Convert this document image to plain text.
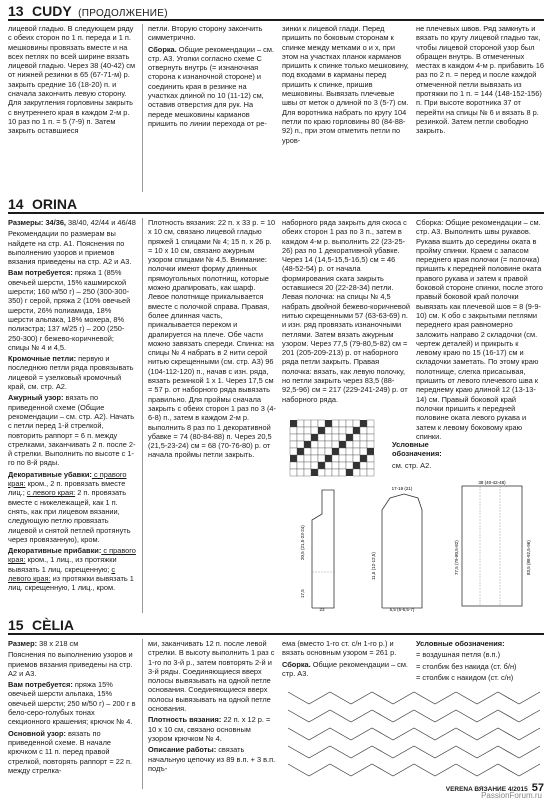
13 CUDY (ПРОДОЛЖЕНИЕ)

лицевой гладью. В следующем ряду с обеих сторон по 1 п. переда и 1 п. мешковины провязать вместе и на всех петлях по всей ширине вязать лицевой гладью. Через 38 (40-42) см от нижней резинки в 65 (67-71-м) р. закрыть средние 16 (18-20) п. и сначала закончить левую сторону. Для закругления горловины закрыть с внутреннего края в каждом 2-м р. 10 раз по 1 п. = 5 (7-9) п. Затем закрыть оставшиеся

петли. Вторую сторону закончить симметрично.

Сборка. Общие рекомендации – см. стр. A3. Уголки согласно схеме C отвернуть внутрь (= изнаночная сторона к изнаночной стороне) и соединить края в резинке на участках длиной по 10 (11-12) см, оставив отверстия для рук. На переде мешковины карманов пришить по линии перехода от ре-

зинки к лицевой глади. Перед пришить по боковым сторонам к спинке между метками о и х, при этом на участках планок карманов пришить к спинке только мешковину, под входами в карманы перед пришить к спинке, пришив мешковины. Вывязать плечевые швы от меток о длиной по 3 (5-7) см. Для воротника набрать по кругу 104 петли по краю горловины 80 (84-88-92) п., при этом отметить петли по уров-

не плечевых швов. Ряд замкнуть и вязать по кругу лицевой гладью так, чтобы лицевой стороной узор был обращен внутрь. В отмеченных местах в каждом 4-м р. прибавить 16 раз по 2 п. = перед и после каждой отмеченной петли вывязать из протяжки по 1 п. = 144 (148-152-156) п. При высоте воротника 37 от перейти на спицы № 6 и вязать 8 р. резинкой. Затем петли свободно закрыть.

14 ORINA

Размеры: 34/36, 38/40, 42/44 и 46/48

Рекомендации по размерам вы найдете на стр. A1. Пояснения по выполнению узоров и приемов вязания приведены на стр. A2 и A3.

Вам потребуется: пряжа 1 (85% овечьей шерсти, 15% кашмирской шерсти; 160 м/50 г) – 250 (300-300-350) г серой, пряжа 2 (10% овечьей шерсти, 26% полиамида, 18% шерсти альпака, 18% мохера, 8% полиэстра; 137 м/25 г) – 200 (250-250-300) г бежево-коричневой; спицы № 4 и 4,5.

Кромочные петли: первую и последнюю петли ряда провязывать лицевой = узелковый кромочный край, см. стр. A2.

Ажурный узор: вязать по приведенной схеме (Общие рекомендации – см. стр. A2). Начать с петли перед 1-й стрелкой, повторить раппорт = 6 п. между стрелками, заканчивать 2 п. после 2-й стрелки. Выполнить по высоте с 1-го по 8-й ряды.

Декоративные убавки: с правого края: кром., 2 п. провязать вместе лиц.; с левого края: 2 п. провязать вместе с нижележащей, как 1 п. снять, как при лицевом вязании, следующую петлю провязать лицевой и снятой петлей протянуть через провязанную), кром.

Декоративные прибавки: с правого края: кром., 1 лиц., из протяжки вывязать 1 лиц. скрещенную; с левого края: из протяжки вывязать 1 лиц. скрещенную, 1 лиц., кром.

Плотность вязания: 22 п. х 33 р. = 10 х 10 см, связано лицевой гладью пряжей 1 спицами № 4; 15 п. х 26 р. = 10 х 10 см, связано ажурным узором спицами № 4,5. Внимание: полочки имеют форму длинных прямоугольных полотнищ, которые можно драпировать, как шарф. Левое полотнище прикалывается вместе с полочкой справа. Правая, более длинная часть, прикалывается переком и драпируется на плече. Обе части можно завязать спереди. Спинка: на спицы № 4 набрать в 2 нити серой нитью скрещенными (см. стр. A3) 96 (104-112-120) п., начав с изн. ряда, вязать резинкой 1 х 1. Через 17,5 см = 57 р. от наборного ряда вывязать правильно. Для проймы сначала закрыть с обеих сторон 1 раз по 3 (4-6-8) п., затем в каждом 2-м р. выполнить 8 раз по 1 декоративной убавке = 74 (80-84-88) п. Через 20,5 (21,5-23-24) см = 68 (70-76-80) р. от начала проймы петли закрыть.

наборного ряда закрыть для скоса с обеих сторон 1 раз по 3 п., затем в каждом 4-м р. выполнить 22 (23-25-26) раз по 1 декоративной убавке. Через 14 (14,5-15,5-16,5) см = 46 (48-52-54) р. от начала формирования ската закрыть оставшиеся 20 (22-28-34) петли. Левая полочка: на спицы № 4,5 набрать двойной бежево-коричневой нитью скрещенными 57 (63-63-69) п. и изн. ряд провязать изнаночными петлями. Затем вязать ажурным узором. Через 77,5 (79-80,5-82) см = 201 (205-209-213) р. от наборного ряда петли закрыть. Правая полочка: вязать, как левую полочку, но петли закрыть через 83,5 (88-92,5-96) см = 217 (229-241-249) р. от наборного ряда.

Сборка: Общие рекомендации – см. стр. A3. Выполнить швы рукавов. Рукава вшить до середины оката в пройму спинки. Крaем с запасом переднего края полочки (= полочка) пришить к передней половине оката правого рукава и затем к правой боковой стороне спинки, после этого правый боковой край полочки вывязать как плечевой шов = 8 (9-9-10) см. К обо с закрытыми петлями переднего края равномерно заложить направо 2 складочки (см. чертеж деталей) и прикрыть к левому краю по 15 (16-17) см и складочки заметать. По этому краю полотнище, слегка присасывая, пришить от левого плечевого шва к переднему краю длиной 12 (13-13-14) см. Правый боковой край полочки пришить к передней половине оката левого рукава и затем к левому боковому краю спинки.

Условные обозначения:

см. стр. A2.

23
20,5 (21,5-23-24)
17,5
17-19 (21)
5,5 (6-6,5-7)
11,5 (12-12,5)
38 (40-42-48)
83,5 (88-92,5-96)
77,5 (79-80,5-82)
15 CÈLIA

Размер: 38 х 218 см

Пояснения по выполнению узоров и приемов вязания приведены на стр. A2 и A3.

Вам потребуется: пряжа 15% овечьей шерсти альпака, 15% овечьей шерсти; 250 м/50 г) – 200 г в бело-серо-голубых тонах секционного крашения; крючок № 4.

Основной узор: вязать по приведенной схеме. В начале крючком с 11 п. перед правой стрелкой, повторять раппорт = 22 п. между стрелка-

ми, заканчивать 12 п. после левой стрелки. В высоту выполнить 1 раз с 1-го по 3-й р., затем повторять 2-й и 3-й ряды. Соединяющиеся вверх полосы вывязывать на одной петле основания. Соединяющиеся вверх полосы вывязывать на одной петле основания.

Плотность вязания: 22 п. х 12 р. = 10 х 10 см, связано основным узором крючком № 4.

Описание работы: связать начальную цепочку из 89 в.п. + 3 в.п. подъ-

ема (вместо 1-го ст. с/н 1-го р.) и вязать основным узором = 261 р.

Сборка. Общие рекомендации – см. стр. A3.

Условные обозначения:

= воздушная петля (в.п.)

= столбик без накида (ст. б/н)

= столбик с накидом (ст. с/н)

VERENA ВЯЗАНИЕ 4/2015 57
PassionForum.ru
